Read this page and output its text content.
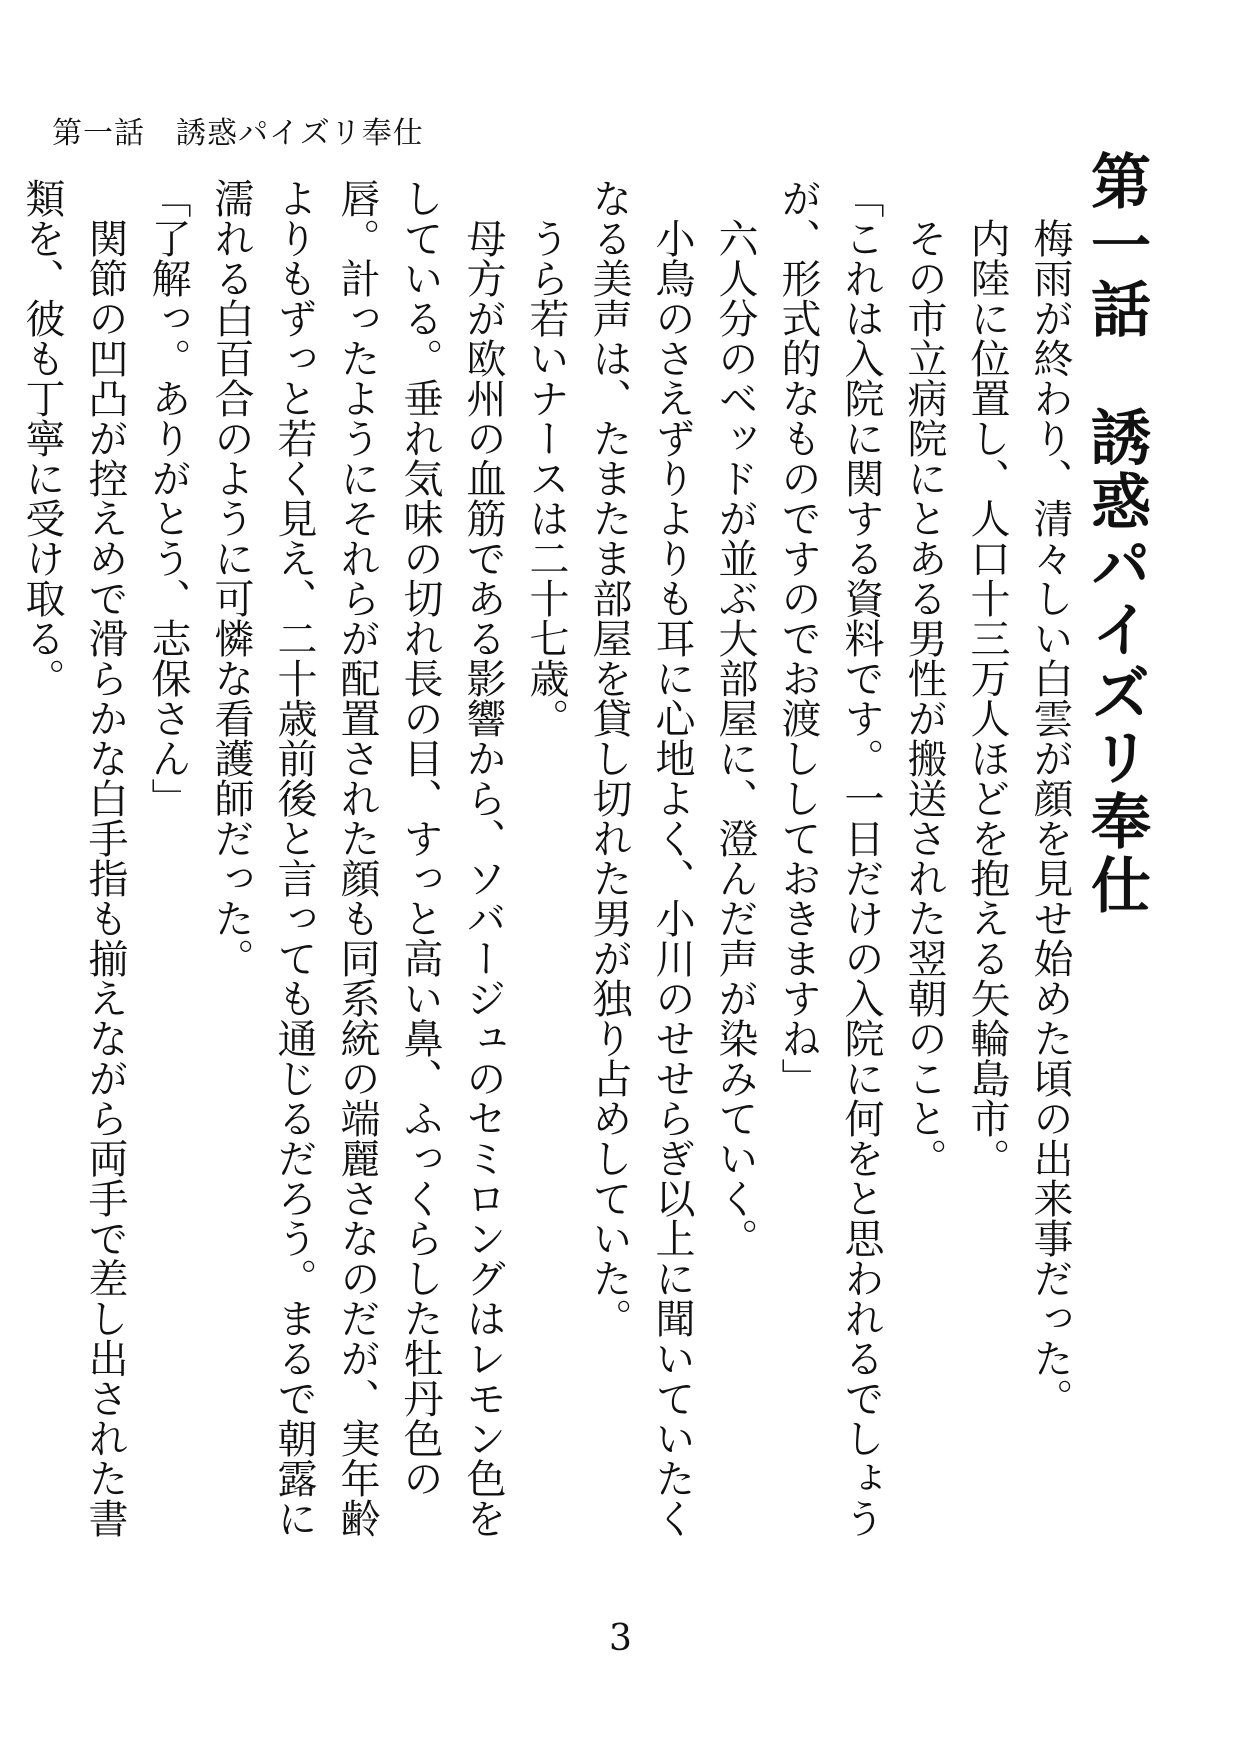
第一話　誘惑パイズリ奉仕
第一話　誘惑パイズリ奉仕

梅雨が終わり、清々しい白雲が顔を見せ始めた頃の出来事だった。

内陸に位置し、人口十三万人ほどを抱える矢輪島市。

その市立病院にとある男性が搬送された翌朝のこと。

「これは入院に関する資料です。一日だけの入院に何をと思われるでしょうが、形式的なものですのでお渡ししておきますね」

六人分のベッドが並ぶ大部屋に、澄んだ声が染みていく。

小鳥のさえずりよりも耳に心地よく、小川のせせらぎ以上に聞いていたくなる美声は、たまたま部屋を貸し切れた男が独り占めしていた。

うら若いナースは二十七歳。

母方が欧州の血筋である影響から、ソバージュのセミロングはレモン色をしている。垂れ気味の切れ長の目、すっと高い鼻、ふっくらした牡丹色の唇。計ったようにそれらが配置された顔も同系統の端麗さなのだが、実年齢よりもずっと若く見え、二十歳前後と言っても通じるだろう。まるで朝露に濡れる白百合のように可憐な看護師だった。

「了解っ。ありがとう、志保さん」

関節の凹凸が控えめで滑らかな白手指も揃えながら両手で差し出された書類を、彼も丁寧に受け取る。

3
